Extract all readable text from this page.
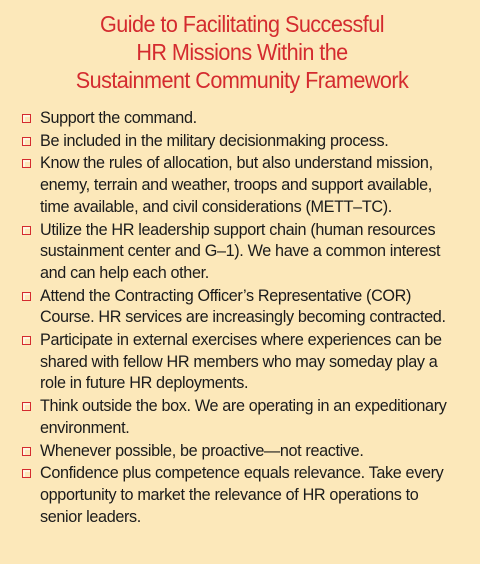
Guide to Facilitating Successful
HR Missions Within the
Sustainment Community Framework
Support the command.
Be included in the military decisionmaking process.
Know the rules of allocation, but also understand mission, enemy, terrain and weather, troops and support available, time available, and civil considerations (METT–TC).
Utilize the HR leadership support chain (human resources sustainment center and G–1). We have a common interest and can help each other.
Attend the Contracting Officer’s Representative (COR) Course. HR services are increasingly becoming contracted.
Participate in external exercises where experiences can be shared with fellow HR members who may someday play a role in future HR deployments.
Think outside the box. We are operating in an expeditionary environment.
Whenever possible, be proactive—not reactive.
Confidence plus competence equals relevance. Take every opportunity to market the relevance of HR operations to senior leaders.
